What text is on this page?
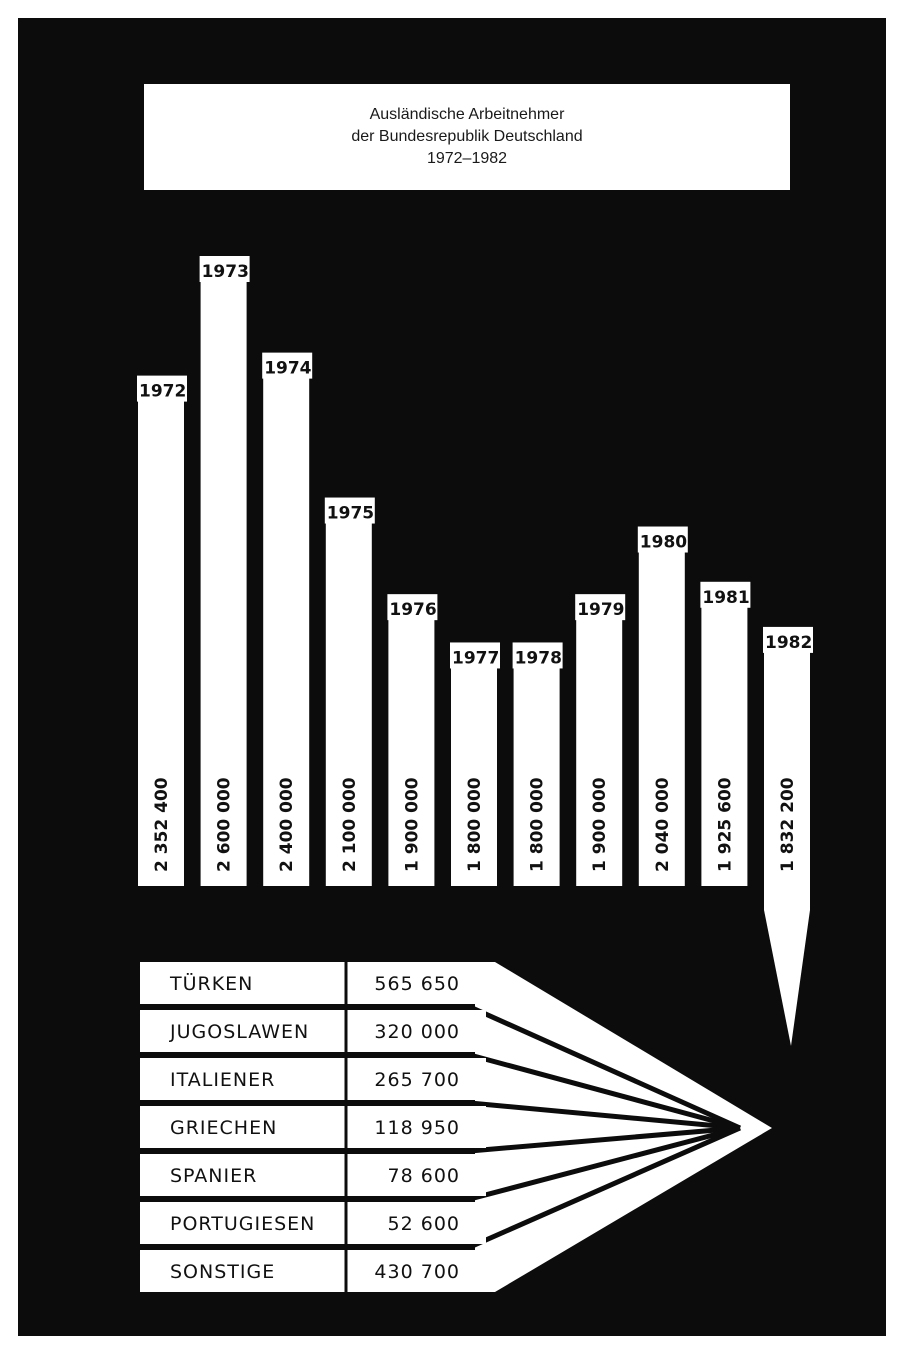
Ausländische Arbeitnehmer
der Bundesrepublik Deutschland
1972–1982
1972
2 352 400
1973
2 600 000
1974
2 400 000
1975
2 100 000
1976
1 900 000
1977
1 800 000
1978
1 800 000
1979
1 900 000
1980
2 040 000
1981
1 925 600
1982
1 832 200
TÜRKEN	565 650
JUGOSLAWEN	320 000
ITALIENER	265 700
GRIECHEN	118 950
SPANIER	78 600
PORTUGIESEN	52 600
SONSTIGE	430 700
